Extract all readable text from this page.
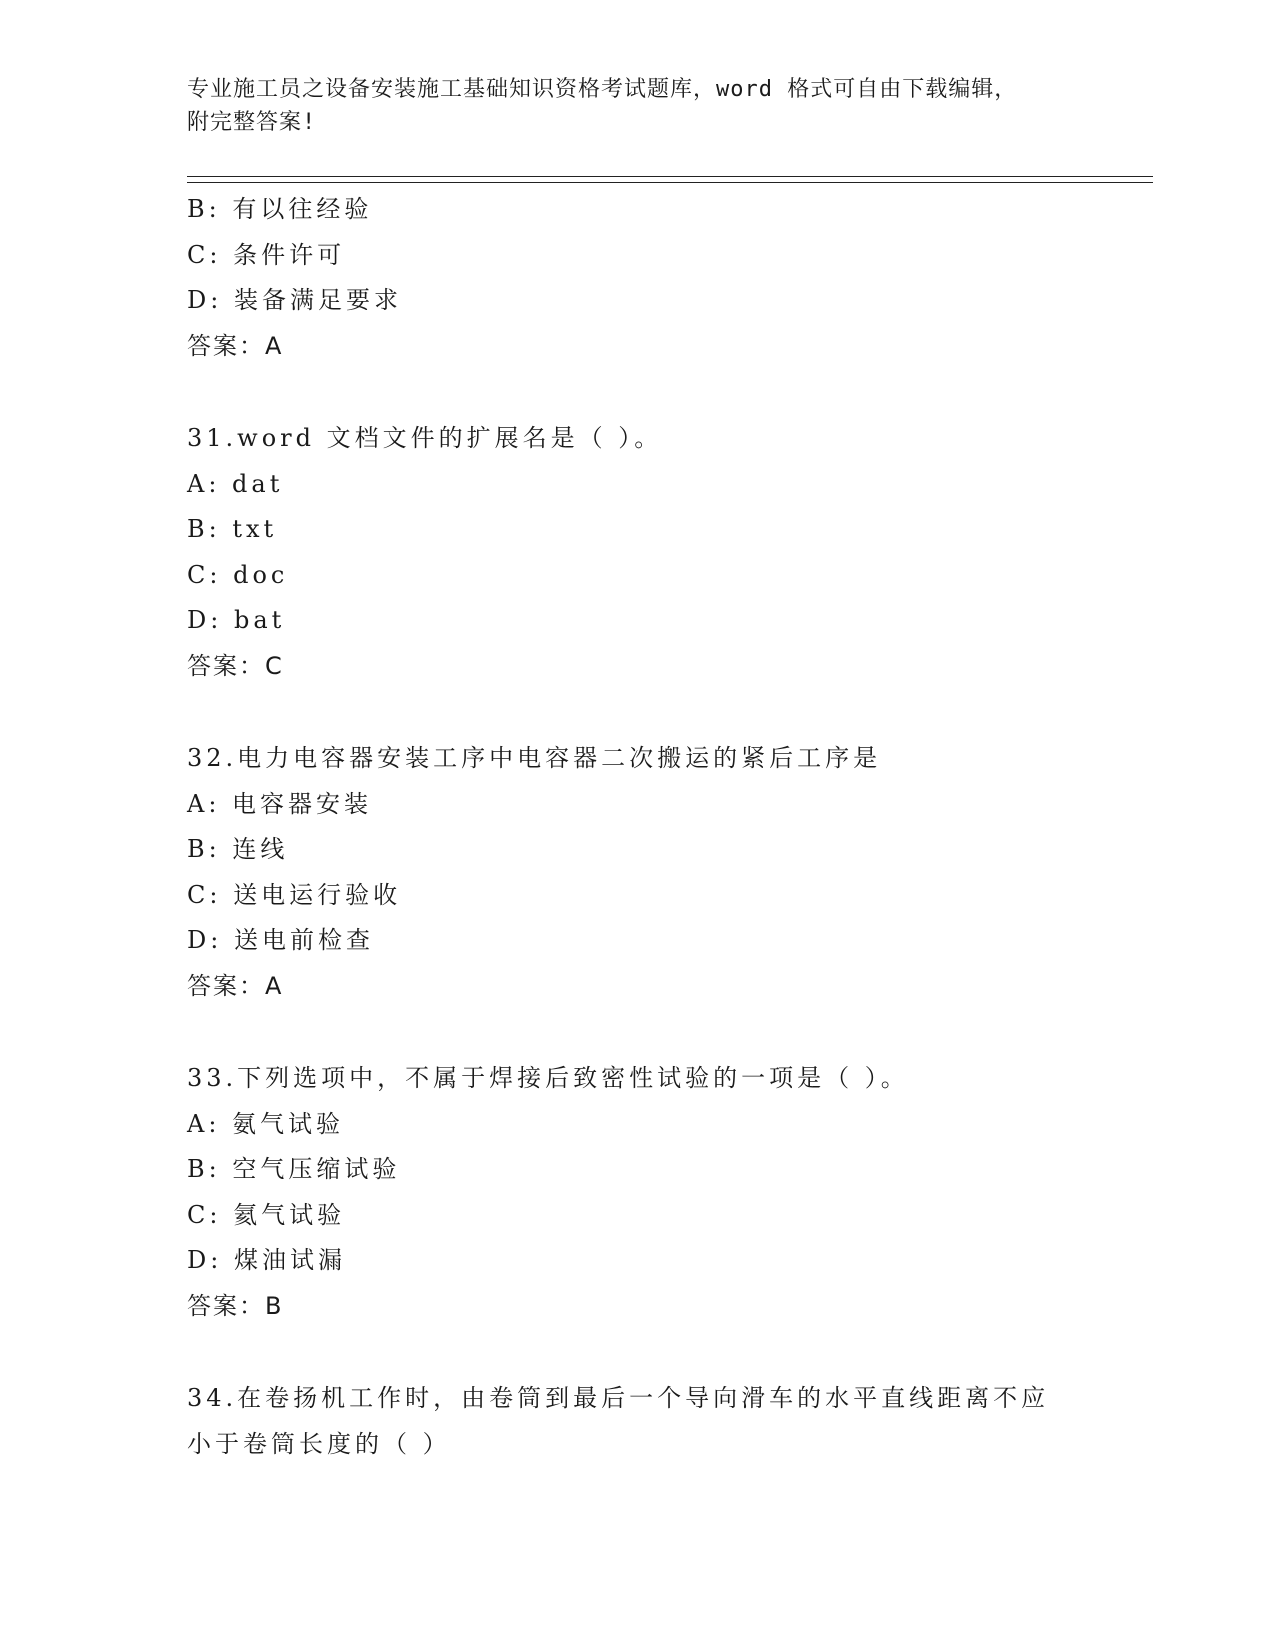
专业施工员之设备安装施工基础知识资格考试题库，word 格式可自由下载编辑，
附完整答案!
B: 有以往经验
C: 条件许可
D: 装备满足要求
答案：A
31.word 文档文件的扩展名是（ ）。
A: dat
B: txt
C: doc
D: bat
答案：C
32.电力电容器安装工序中电容器二次搬运的紧后工序是
A: 电容器安装
B: 连线
C: 送电运行验收
D: 送电前检查
答案：A
33.下列选项中，不属于焊接后致密性试验的一项是（ ）。
A: 氨气试验
B: 空气压缩试验
C: 氦气试验
D: 煤油试漏
答案：B
34.在卷扬机工作时，由卷筒到最后一个导向滑车的水平直线距离不应
小于卷筒长度的（ ）
